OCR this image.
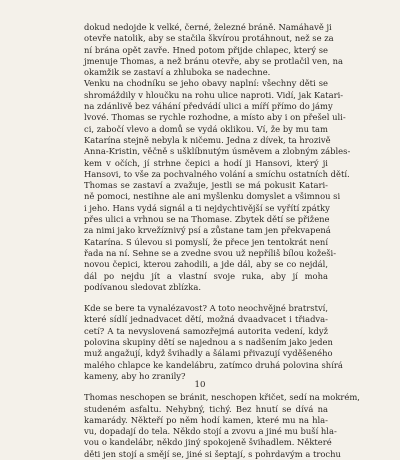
dokud nedojde k velké, černé, železné bráně. Namáhavě ji
otevře natolik, aby se stačila škvírou protáhnout, než se za
ní brána opět zavře. Hned potom přijde chlapec, který se
jmenuje Thomas, a než bránu otevře, aby se protlačil ven, na
okamžik se zastaví a zhluboka se nadechne.

Venku na chodníku se jeho obavy naplní: všechny děti se
shromáždily v hloučku na rohu ulice naproti. Vidí, jak Katari-
na zdánlivě bez váhání předvádí ulici a míří přímo do jámy
lvové. Thomas se rychle rozhodne, a místo aby i on přešel uli-
ci, zabočí vlevo a domů se vydá oklikou. Ví, že by mu tam
Katarína stejně nebyla k ničemu. Jedna z dívek, ta hrozivě
Anna-Kristin, věčně s ušklíbnutým úsměvem a zlobným zábles-
kem v očích, jí strhne čepici a hodí ji Hansovi, který ji
Hansovi, to vše za pochvalného volání a smíchu ostatních dětí.

Thomas se zastaví a zvažuje, jestli se má pokusit Katari-
ně pomoci, nestihne ale ani myšlenku domyslet a všimnou si
i jeho. Hans vydá signál a ti nejdychtivější se vyřítí zpátky
přes ulici a vrhnou se na Thomase. Zbytek dětí se přižene
za nimi jako krvežíznivý psí a zůstane tam jen překvapená
Katarína. S úlevou si pomyslí, že přece jen tentokrát není
řada na ní. Sehne se a zvedne svou už nepříliš bílou kožeši-
novou čepici, kterou zahodili, a jde dál, aby se co nejdál,
dál po nejdu jít a vlastní svoje ruka, aby jí moha
podívanou sledovat zblízka.

Kde se bere ta vynalézavost? A toto neochvějné bratrství,
které sídlí jednadvacet dětí, možná dvaadvacet i třiadva-
cetí? A ta nevyslovená samozřejmá autorita vedení, když
polovina skupiny dětí se najednou a s nadšením jako jeden
muž angažují, když švihadly a šálami přivazují vyděšeného
malého chlapce ke kandelábru, zatímco druhá polovina shírá
kameny, aby ho zranily?

Thomas neschopen se bránit, neschopen křičet, sedí na mokrém,
studeném asfaltu. Nehybný, tichý. Bez hnutí se dívá na
kamarády. Někteří po něm hodí kamen, které mu na hla-
vu, dopadají do tela. Někdo stojí a zvovu a jiné mu buší hla-
vou o kandelábr, někdo jiný spokojeně švihadlem. Některé
děti jen stojí a smějí se, jiné si šeptají, s pohrdavým a trochu

10
